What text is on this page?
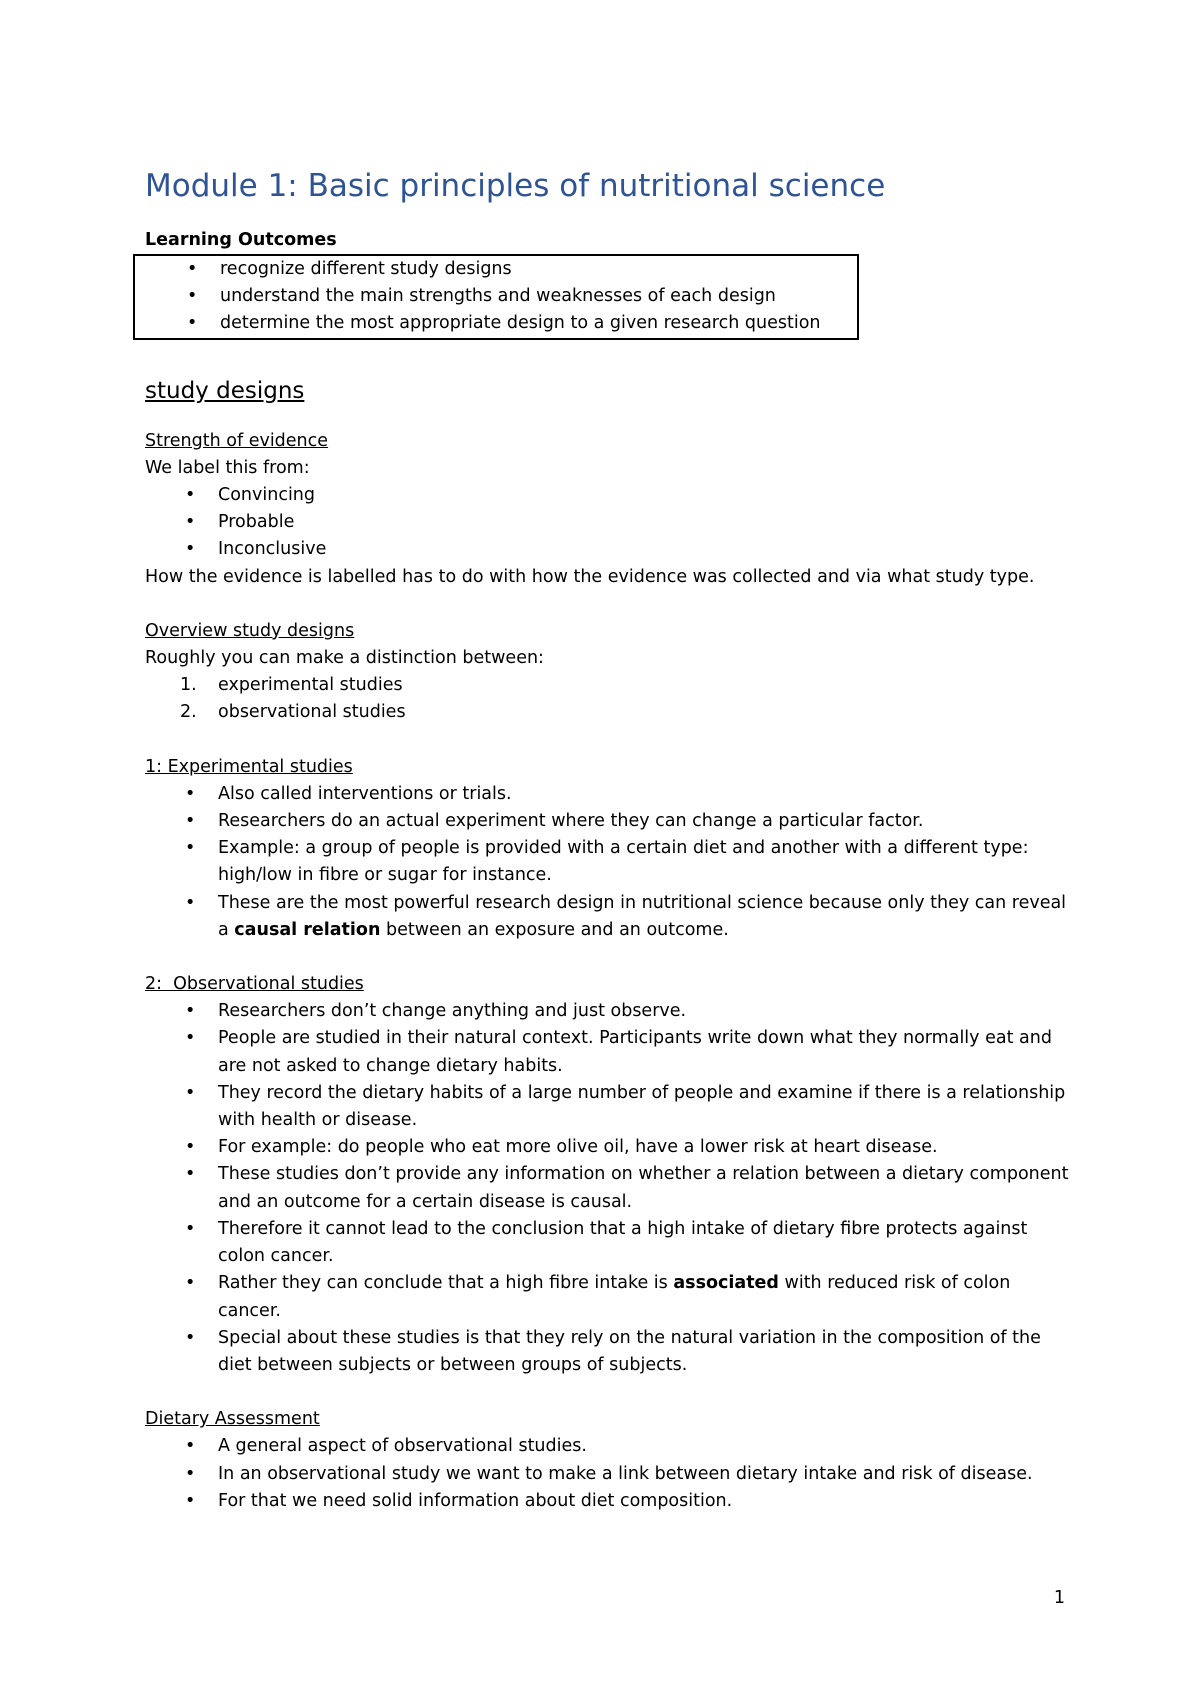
Module 1: Basic principles of nutritional science
Learning Outcomes
• recognize different study designs
• understand the main strengths and weaknesses of each design
• determine the most appropriate design to a given research question
study designs
Strength of evidence
We label this from:
• Convincing
• Probable
• Inconclusive
How the evidence is labelled has to do with how the evidence was collected and via what study type.
Overview study designs
Roughly you can make a distinction between:
1. experimental studies
2. observational studies
1: Experimental studies
• Also called interventions or trials.
• Researchers do an actual experiment where they can change a particular factor.
• Example: a group of people is provided with a certain diet and another with a different type: high/low in fibre or sugar for instance.
• These are the most powerful research design in nutritional science because only they can reveal a causal relation between an exposure and an outcome.
2:  Observational studies
• Researchers don’t change anything and just observe.
• People are studied in their natural context. Participants write down what they normally eat and are not asked to change dietary habits.
• They record the dietary habits of a large number of people and examine if there is a relationship with health or disease.
• For example: do people who eat more olive oil, have a lower risk at heart disease.
• These studies don’t provide any information on whether a relation between a dietary component and an outcome for a certain disease is causal.
• Therefore it cannot lead to the conclusion that a high intake of dietary fibre protects against colon cancer.
• Rather they can conclude that a high fibre intake is associated with reduced risk of colon cancer.
• Special about these studies is that they rely on the natural variation in the composition of the diet between subjects or between groups of subjects.
Dietary Assessment
• A general aspect of observational studies.
• In an observational study we want to make a link between dietary intake and risk of disease.
• For that we need solid information about diet composition.
1
